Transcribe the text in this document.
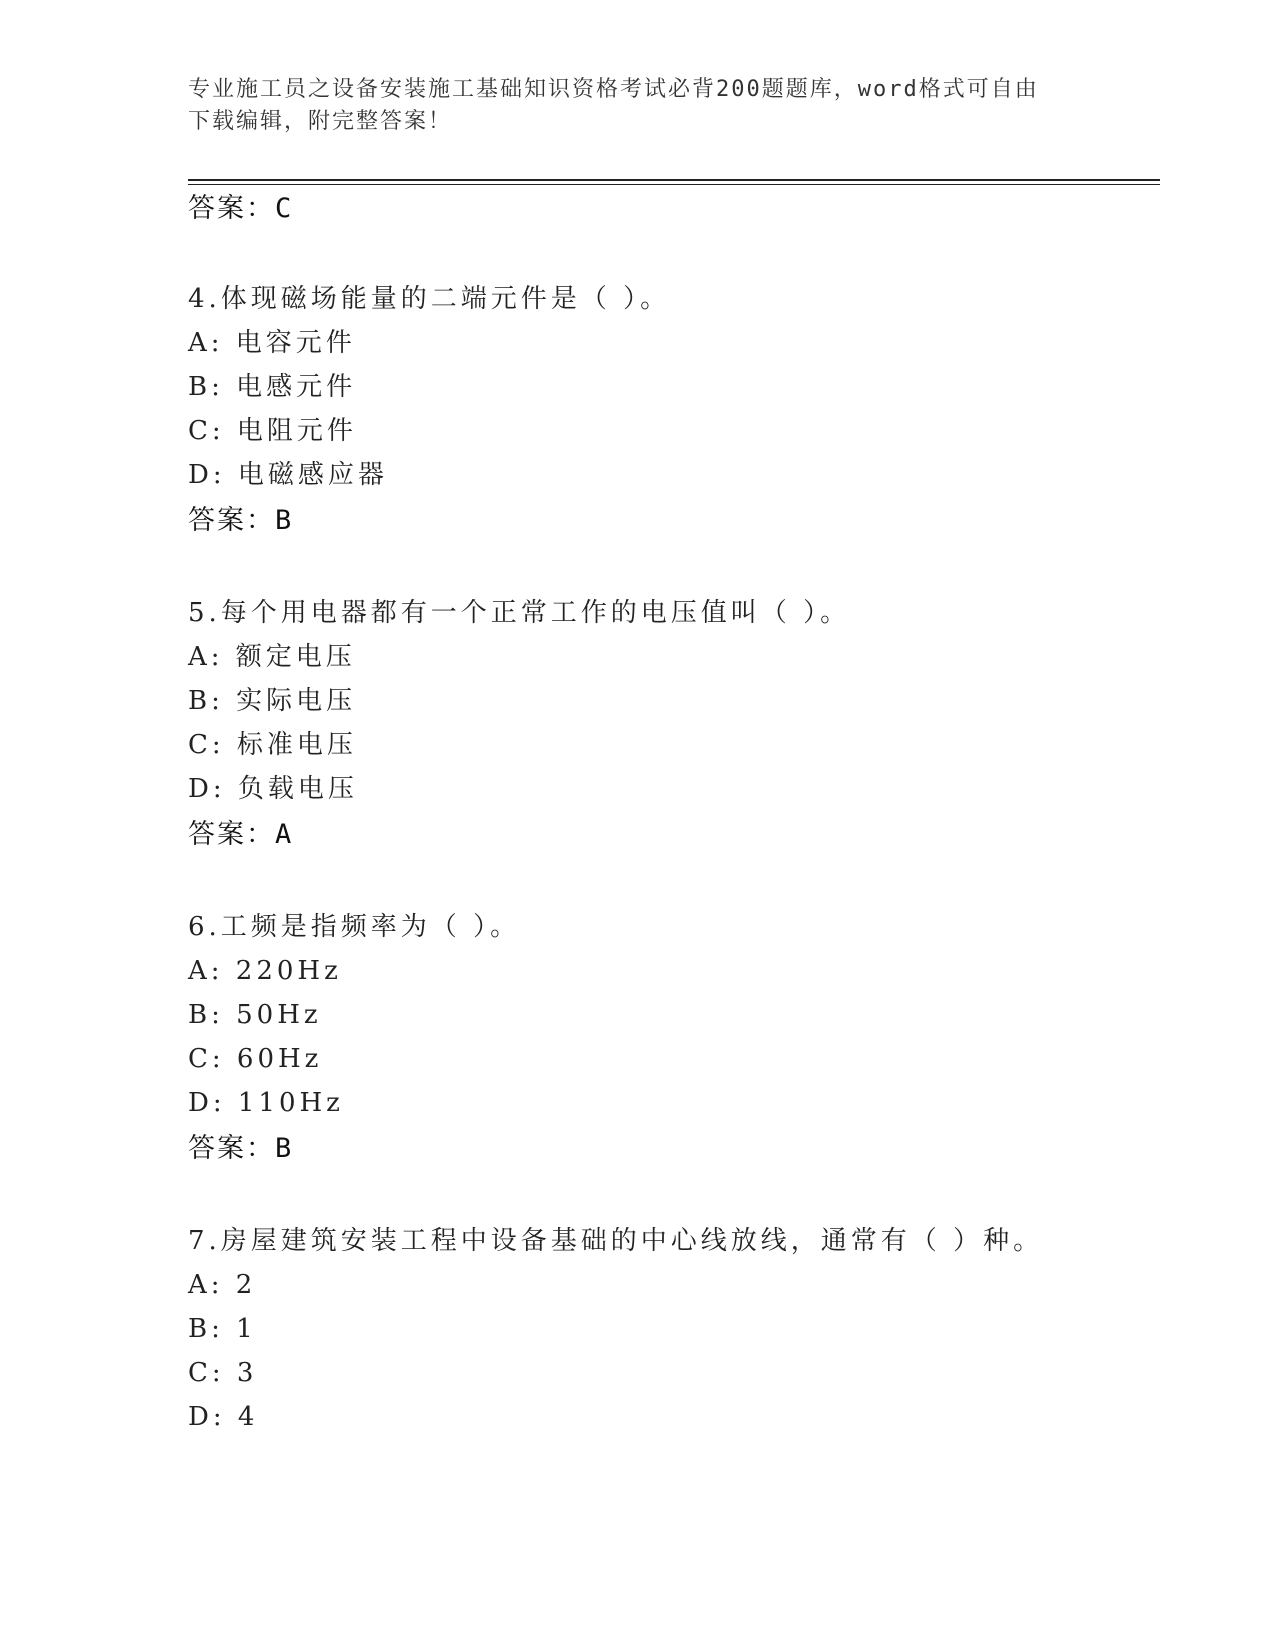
专业施工员之设备安装施工基础知识资格考试必背200题题库，word格式可自由
下载编辑，附完整答案！
答案：C
4.体现磁场能量的二端元件是（ ）。
A: 电容元件
B: 电感元件
C: 电阻元件
D: 电磁感应器
答案：B
5.每个用电器都有一个正常工作的电压值叫（ ）。
A: 额定电压
B: 实际电压
C: 标准电压
D: 负载电压
答案：A
6.工频是指频率为（ ）。
A: 220Hz
B: 50Hz
C: 60Hz
D: 110Hz
答案：B
7.房屋建筑安装工程中设备基础的中心线放线，通常有（ ）种。
A: 2
B: 1
C: 3
D: 4
